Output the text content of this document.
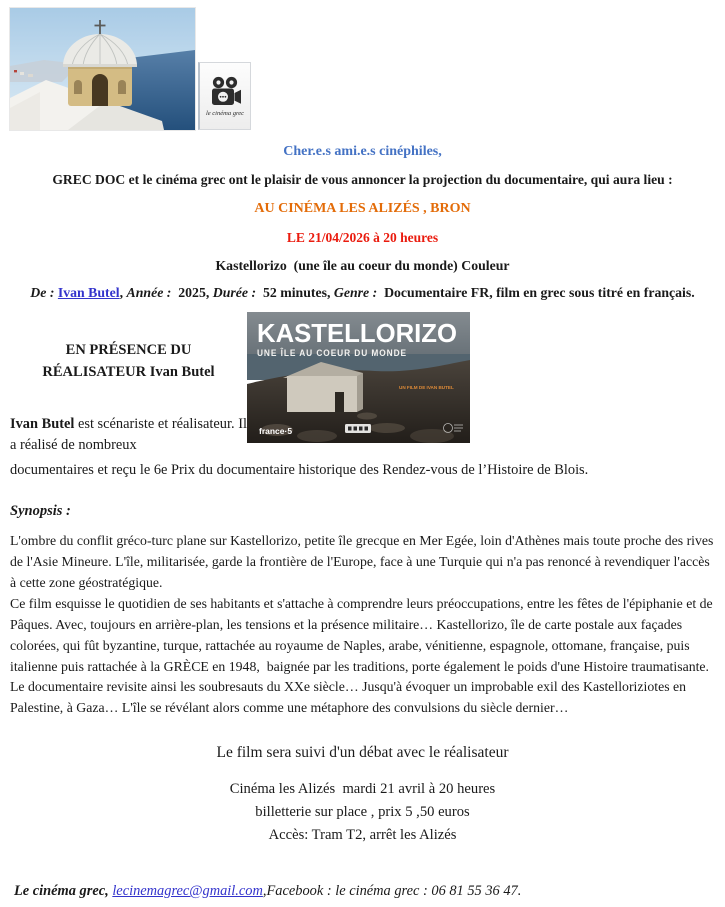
le cinéma grec

Cher.e.s ami.e.s cinéphiles,

GREC DOC et le cinéma grec ont le plaisir de vous annoncer la projection du documentaire, qui aura lieu :

AU CINÉMA LES ALIZÉS , BRON

LE 21/04/2026 à 20 heures

Kastellorizo  (une île au coeur du monde) Couleur

De : Ivan Butel, Année :  2025, Durée :  52 minutes, Genre :  Documentaire FR, film en grec sous titré en français.

EN PRÉSENCE DU RÉALISATEUR Ivan Butel

Ivan Butel est scénariste et réalisateur. Il a réalisé de nombreux

KASTELLORIZO
UNE ÎLE AU COEUR DU MONDE
UN FILM DE IVAN BUTEL
france·5

documentaires et reçu le 6e Prix du documentaire historique des Rendez-vous de l’Histoire de Blois.

Synopsis :

L'ombre du conflit gréco-turc plane sur Kastellorizo, petite île grecque en Mer Egée, loin d'Athènes mais toute proche des rives de l'Asie Mineure. L'île, militarisée, garde la frontière de l'Europe, face à une Turquie qui n'a pas renoncé à revendiquer l'accès à cette zone géostratégique.

Ce film esquisse le quotidien de ses habitants et s'attache à comprendre leurs préoccupations, entre les fêtes de l'épiphanie et de Pâques. Avec, toujours en arrière-plan, les tensions et la présence militaire… Kastellorizo, île de carte postale aux façades colorées, qui fût byzantine, turque, rattachée au royaume de Naples, arabe, vénitienne, espagnole, ottomane, française, puis italienne puis rattachée à la GRÈCE en 1948,  baignée par les traditions, porte également le poids d'une Histoire traumatisante.  Le documentaire revisite ainsi les soubresauts du XXe siècle… Jusqu'à évoquer un improbable exil des Kastelloriziotes en Palestine, à Gaza… L'île se révélant alors comme une métaphore des convulsions du siècle dernier…

Le film sera suivi d'un débat avec le réalisateur

Cinéma les Alizés  mardi 21 avril à 20 heures

billetterie sur place , prix 5 ,50 euros

Accès: Tram T2, arrêt les Alizés

Le cinéma grec, lecinemagrec@gmail.com,Facebook : le cinéma grec : 06 81 55 36 47.
